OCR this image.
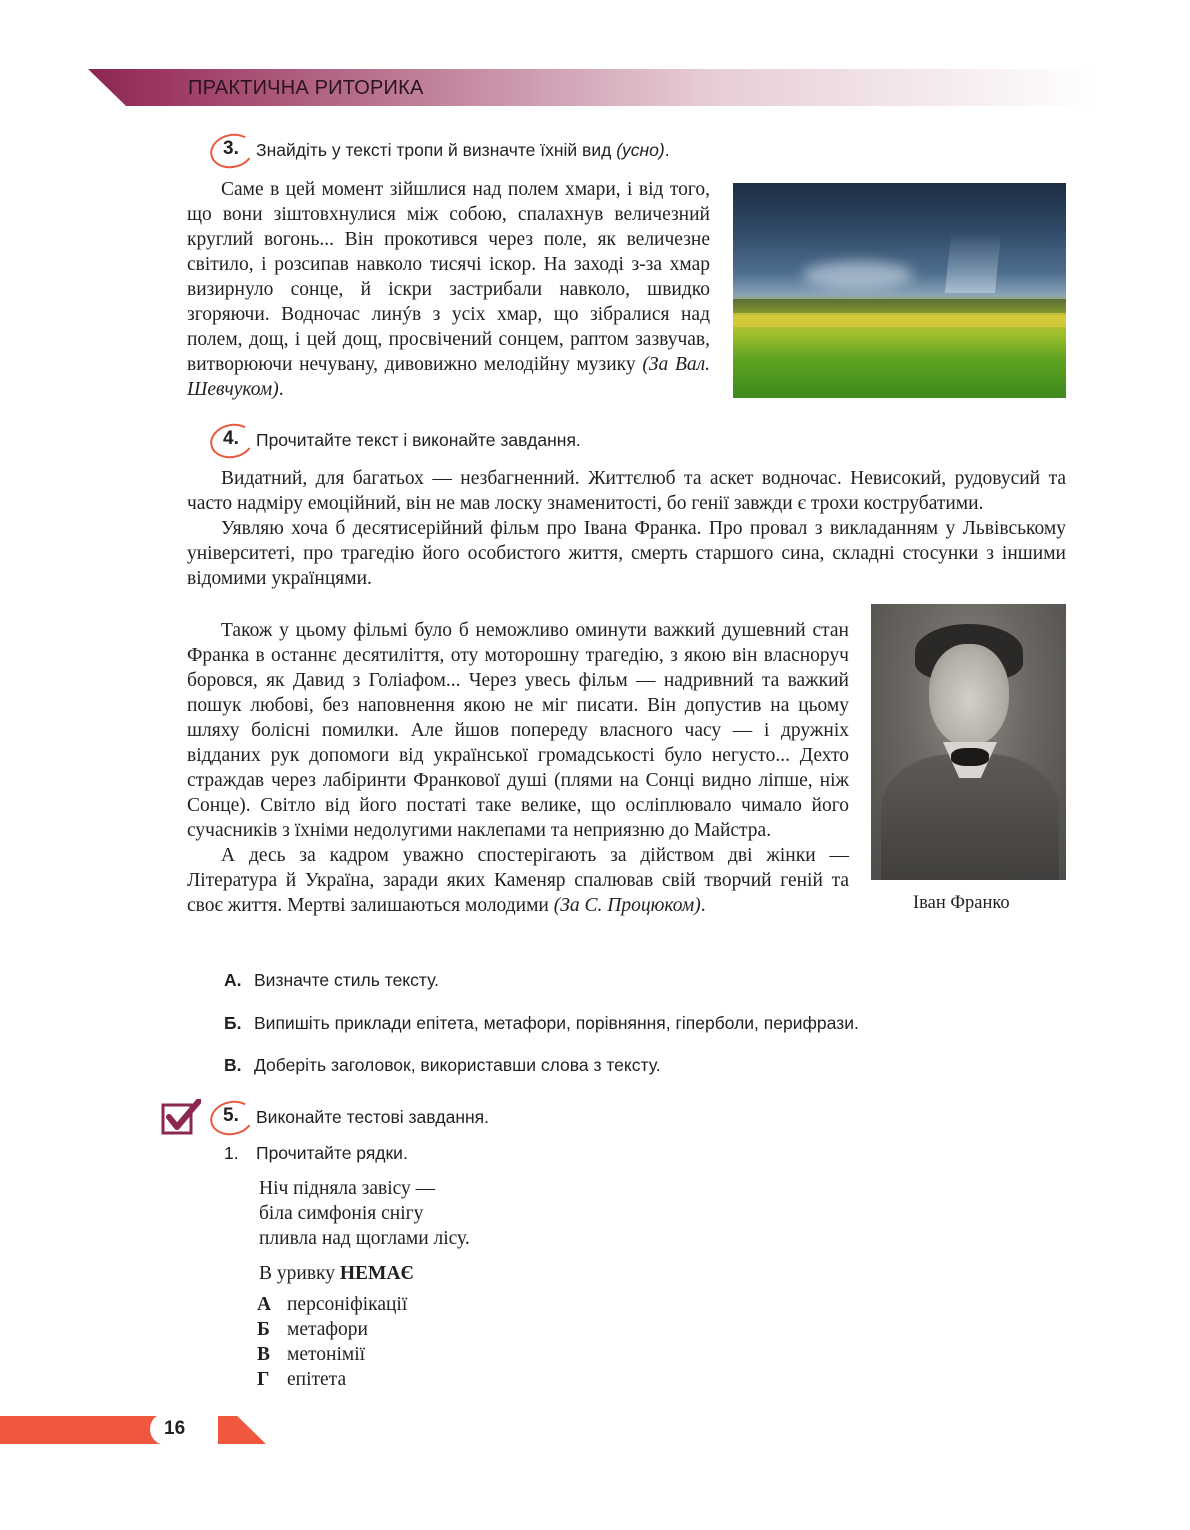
ПРАКТИЧНА РИТОРИКА
3. Знайдіть у тексті тропи й визначте їхній вид (усно).

Саме в цей момент зійшлися над полем хмари, і від того, що вони зіштовхнулися між собою, спалахнув величезний круглий вогонь... Він прокотився через поле, як величезне світило, і розсипав навколо тисячі іскор. На заході з-за хмар визирнуло сонце, й іскри застрибали навколо, швидко згоряючи. Водночас линýв з усіх хмар, що зібралися над полем, дощ, і цей дощ, просвічений сонцем, раптом зазвучав, витворюючи нечувану, дивовижно мелодійну музику (За Вал. Шевчуком).

4. Прочитайте текст і виконайте завдання.

Видатний, для багатьох — незбагненний. Життєлюб та аскет водночас. Невисокий, рудовусий та часто надміру емоційний, він не мав лоску знаменитості, бо генії завжди є трохи кострубатими.

Уявляю хоча б десятисерійний фільм про Івана Франка. Про провал з викладанням у Львівському університеті, про трагедію його особистого життя, смерть старшого сина, складні стосунки з іншими відомими українцями.

Також у цьому фільмі було б неможливо оминути важкий душевний стан Франка в останнє десятиліття, оту моторошну трагедію, з якою він власноруч боровся, як Давид з Голіафом... Через увесь фільм — надривний та важкий пошук любові, без наповнення якою не міг писати. Він допустив на цьому шляху болісні помилки. Але йшов попереду власного часу — і дружніх відданих рук допомоги від української громадськості було негусто... Дехто страждав через лабіринти Франкової душі (плями на Сонці видно ліпше, ніж Сонце). Світло від його постаті таке велике, що осліплювало чимало його сучасників з їхніми недолугими наклепами та неприязню до Майстра.

А десь за кадром уважно спостерігають за дійством дві жінки — Література й Україна, заради яких Каменяр спалював свій творчий геній та своє життя. Мертві залишаються молодими (За С. Процюком).	Іван Франко
А. Визначте стиль тексту.
Б. Випишіть приклади епітета, метафори, порівняння, гіперболи, перифрази.
В. Доберіть заголовок, використавши слова з тексту.
5. Виконайте тестові завдання.
1. Прочитайте рядки.
Ніч підняла завісу —
біла симфонія снігу
пливла над щоглами лісу.
В уривку НЕМАЄ
А персоніфікації
Б метафори
В метонімії
Г епітета
16
